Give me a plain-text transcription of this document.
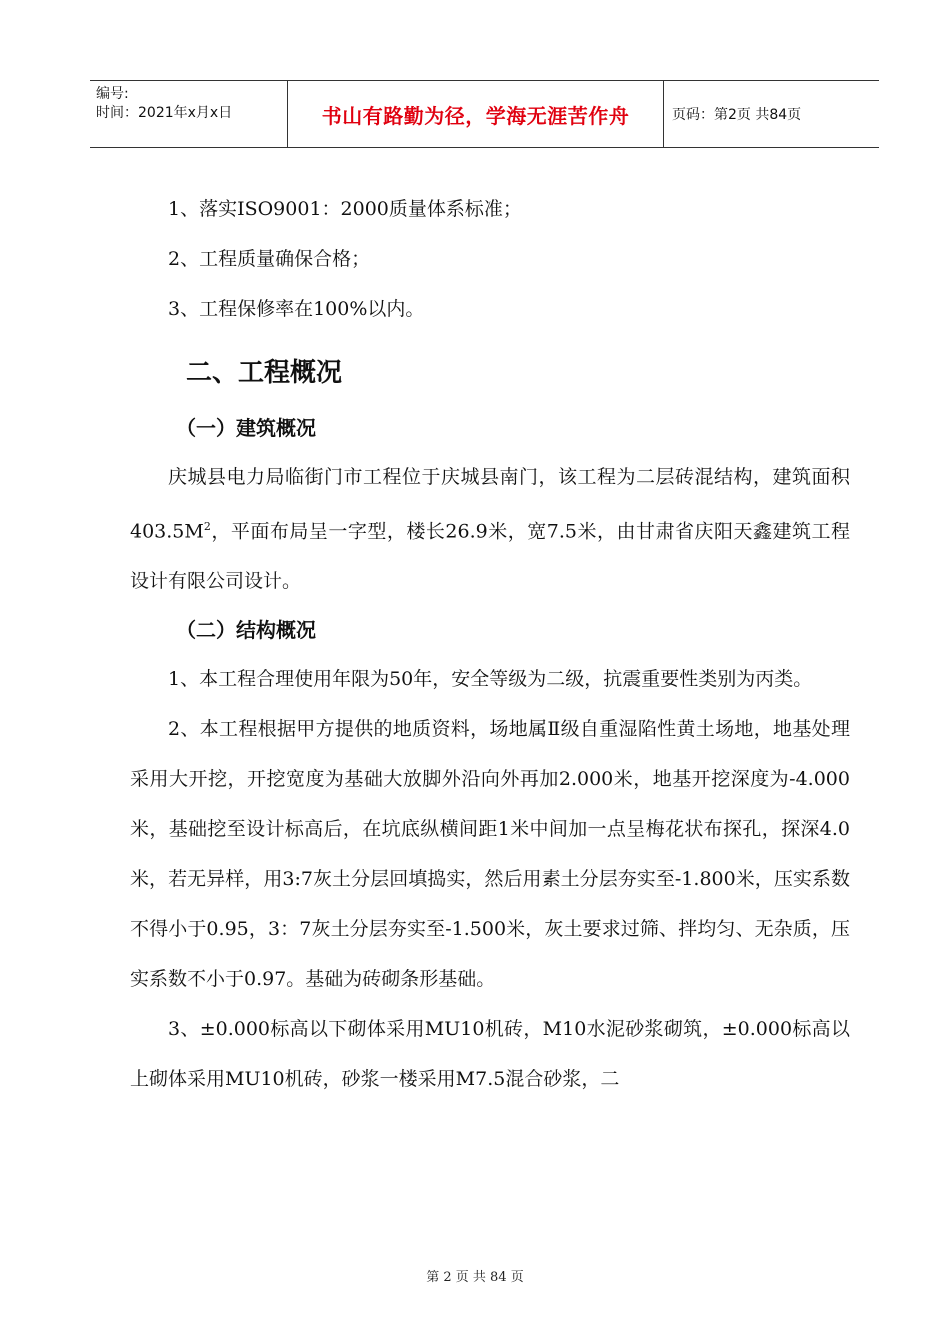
编号:
时间：2021年x月x日	书山有路勤为径，学海无涯苦作舟	页码：第2页 共84页

1、落实ISO9001：2000质量体系标准；

2、工程质量确保合格；

3、工程保修率在100%以内。

二、工程概况
（一）建筑概况

庆城县电力局临街门市工程位于庆城县南门，该工程为二层砖混结构，建筑面积$403.5M^2$，平面布局呈一字型，楼长26.9米，宽7.5米，由甘肃省庆阳天鑫建筑工程设计有限公司设计。

（二）结构概况

1、本工程合理使用年限为50年，安全等级为二级，抗震重要性类别为丙类。

2、本工程根据甲方提供的地质资料，场地属Ⅱ级自重湿陷性黄土场地，地基处理采用大开挖，开挖宽度为基础大放脚外沿向外再加2.000米，地基开挖深度为-4.000米，基础挖至设计标高后，在坑底纵横间距1米中间加一点呈梅花状布探孔，探深4.0 米，若无异样，用3:7灰土分层回填捣实，然后用素土分层夯实至-1.800米，压实系数不得小于0.95，3：7灰土分层夯实至-1.500米，灰土要求过筛、拌均匀、无杂质，压实系数不小于0.97。基础为砖砌条形基础。

3、±0.000标高以下砌体采用MU10机砖，M10水泥砂浆砌筑，±0.000标高以上砌体采用MU10机砖，砂浆一楼采用M7.5混合砂浆，二

第 2 页 共 84 页
